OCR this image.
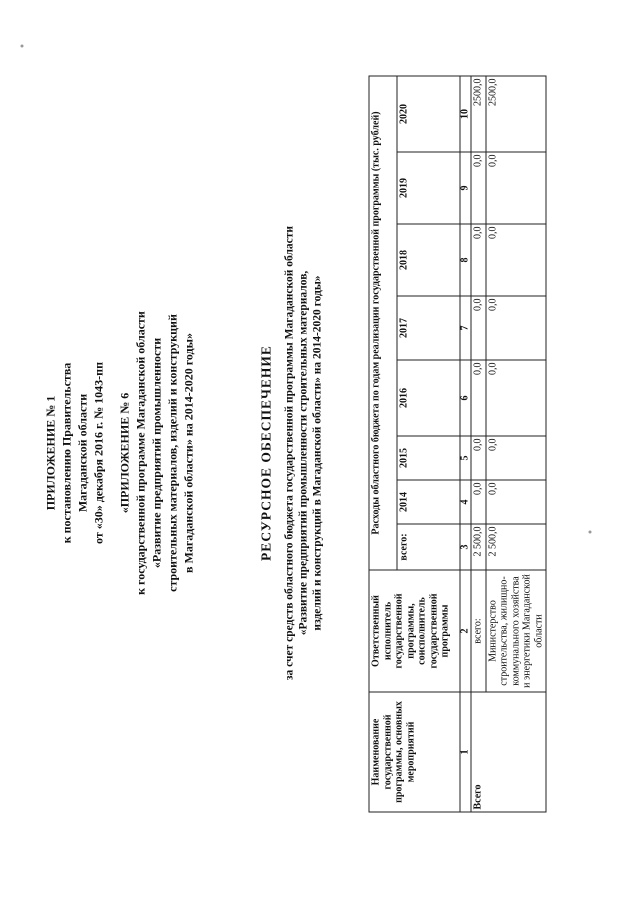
ПРИЛОЖЕНИЕ № 1 к постановлению Правительства Магаданской области от «30» декабря 2016 г. № 1043-пп «ПРИЛОЖЕНИЕ № 6 к государственной программе Магаданской области «Развитие предприятий промышленности строительных материалов, изделий и конструкций в Магаданской области» на 2014-2020 годы»	РЕСУРСНОЕ ОБЕСПЕЧЕНИЕ за счет средств областного бюджета государственной программы Магаданской области «Развитие предприятий промышленности строительных материалов, изделий и конструкций в Магаданской области» на 2014-2020 годы»
Наименование государственной программы, основных мероприятий	Ответственный исполнитель государственной программы, соисполнитель государственной программы	Расходы областного бюджета по годам реализации государственной программы (тыс. рублей)							
		всего:	2014	2015	2016	2017	2018	2019	2020
1	2	3	4	5	6	7	8	9	10
Всего	всего:	2 500,0	0,0	0,0	0,0	0,0	0,0	0,0	2500,0
	Министерство строительства, жилищно-коммунального хозяйства и энергетики Магаданской области	2 500,0	0,0	0,0	0,0	0,0	0,0	0,0	2500,0
